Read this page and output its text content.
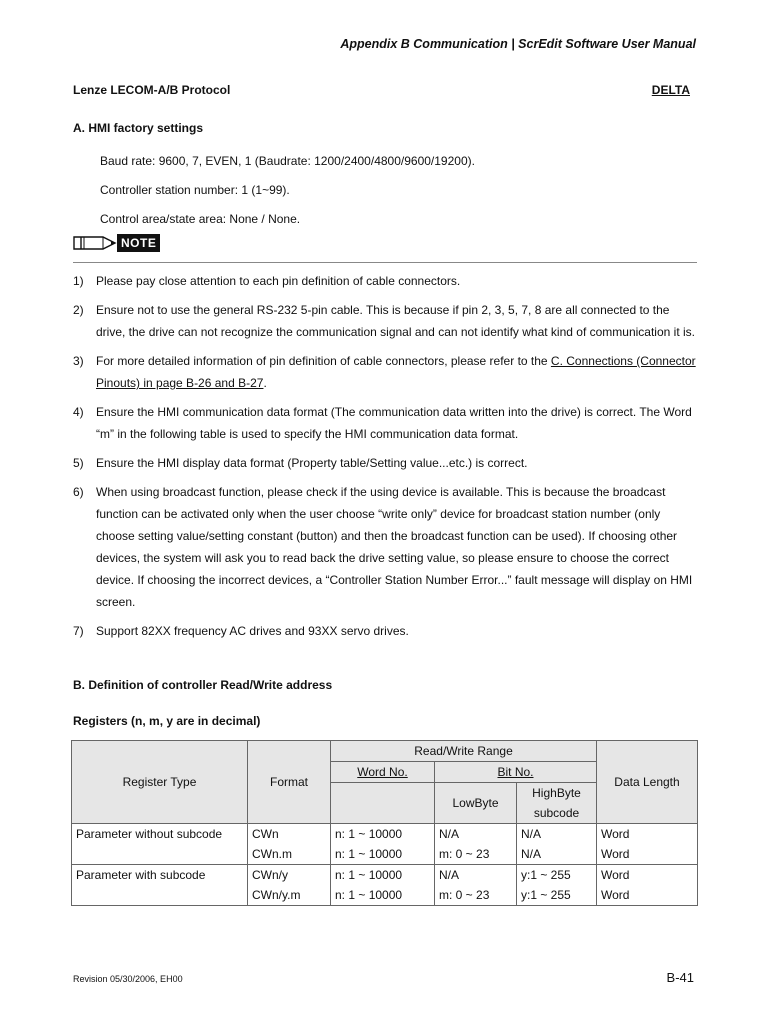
Appendix B Communication | ScrEdit Software User Manual
Lenze LECOM-A/B Protocol	DELTA
A. HMI factory settings
Baud rate: 9600, 7, EVEN, 1 (Baudrate: 1200/2400/4800/9600/19200).
Controller station number: 1 (1~99).
Control area/state area: None / None.
NOTE
1) Please pay close attention to each pin definition of cable connectors.
2) Ensure not to use the general RS-232 5-pin cable. This is because if pin 2, 3, 5, 7, 8 are all connected to the drive, the drive can not recognize the communication signal and can not identify what kind of communication it is.
3) For more detailed information of pin definition of cable connectors, please refer to the C. Connections (Connector Pinouts) in page B-26 and B-27.
4) Ensure the HMI communication data format (The communication data written into the drive) is correct. The Word “m” in the following table is used to specify the HMI communication data format.
5) Ensure the HMI display data format (Property table/Setting value...etc.) is correct.
6) When using broadcast function, please check if the using device is available. This is because the broadcast function can be activated only when the user choose “write only” device for broadcast station number (only choose setting value/setting constant (button) and then the broadcast function can be used). If choosing other devices, the system will ask you to read back the drive setting value, so please ensure to choose the correct device. If choosing the incorrect devices, a “Controller Station Number Error...” fault message will display on HMI screen.
7) Support 82XX frequency AC drives and 93XX servo drives.
B. Definition of controller Read/Write address
Registers (n, m, y are in decimal)
Register Type	Format	Read/Write Range			Data Length
		Word No.	Bit No.		
			LowByte	HighByte	
				subcode	
Parameter without subcode	CWn	n: 1 ~ 10000	N/A	N/A	Word
	CWn.m	n: 1 ~ 10000	m: 0 ~ 23	N/A	Word
Parameter with subcode	CWn/y	n: 1 ~ 10000	N/A	y:1 ~ 255	Word
	CWn/y.m	n: 1 ~ 10000	m: 0 ~ 23	y:1 ~ 255	Word
Revision 05/30/2006, EH00	B-41
